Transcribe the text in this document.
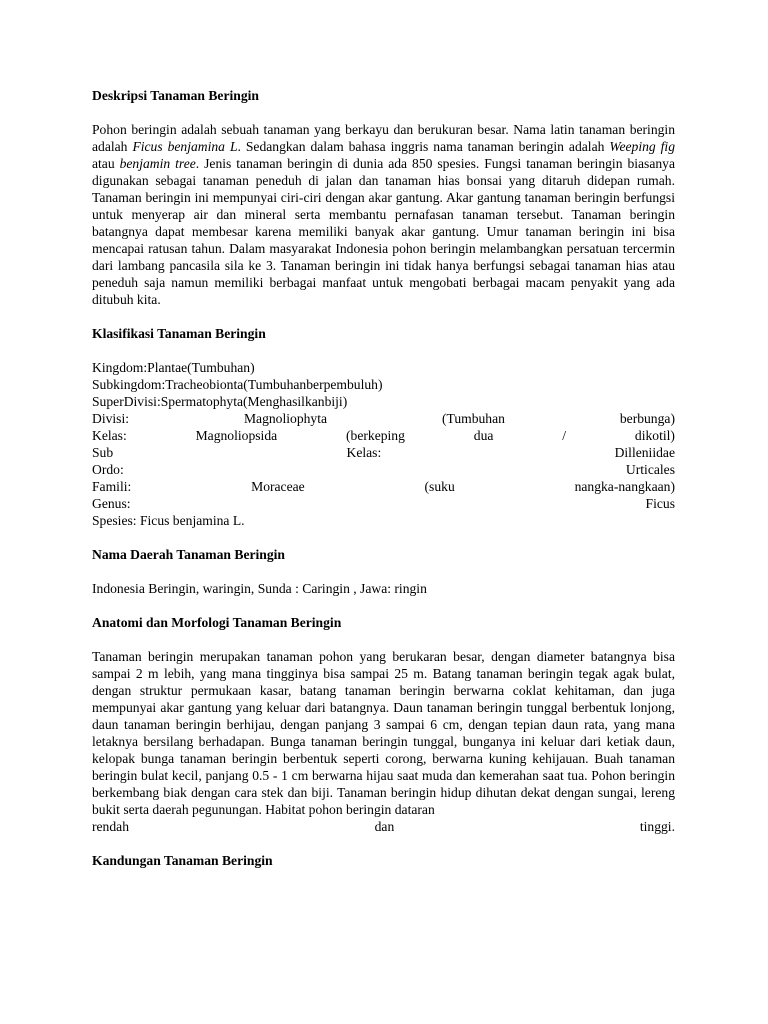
Deskripsi Tanaman Beringin
Pohon beringin adalah sebuah tanaman yang berkayu dan berukuran besar. Nama latin tanaman beringin adalah Ficus benjamina L. Sedangkan dalam bahasa inggris nama tanaman beringin adalah Weeping fig atau benjamin tree. Jenis tanaman beringin di dunia ada 850 spesies. Fungsi tanaman beringin biasanya digunakan sebagai tanaman peneduh di jalan dan tanaman hias bonsai yang ditaruh didepan rumah. Tanaman beringin ini mempunyai ciri-ciri dengan akar gantung. Akar gantung tanaman beringin berfungsi untuk menyerap air dan mineral serta membantu pernafasan tanaman tersebut. Tanaman beringin batangnya dapat membesar karena memiliki banyak akar gantung. Umur tanaman beringin ini bisa mencapai ratusan tahun. Dalam masyarakat Indonesia pohon beringin melambangkan persatuan tercermin dari lambang pancasila sila ke 3. Tanaman beringin ini tidak hanya berfungsi sebagai tanaman hias atau peneduh saja namun memiliki berbagai manfaat untuk mengobati berbagai macam penyakit yang ada ditubuh kita.
Klasifikasi Tanaman Beringin
Kingdom:Plantae(Tumbuhan)
Subkingdom:Tracheobionta(Tumbuhanberpembuluh)
SuperDivisi:Spermatophyta(Menghasilkanbiji)
Divisi:	Magnoliophyta	(Tumbuhan	berbunga)
Kelas:	Magnoliopsida	(berkeping	dua	/	dikotil)
Sub	Kelas:	Dilleniidae
Ordo:	Urticales
Famili:	Moraceae	(suku	nangka-nangkaan)
Genus:	Ficus
Spesies: Ficus benjamina L.
Nama Daerah Tanaman Beringin
Indonesia Beringin, waringin, Sunda : Caringin , Jawa: ringin
Anatomi dan Morfologi Tanaman Beringin
Tanaman beringin merupakan tanaman pohon yang berukaran besar, dengan diameter batangnya bisa sampai 2 m lebih, yang mana tingginya bisa sampai 25 m. Batang tanaman beringin tegak agak bulat, dengan struktur permukaan kasar, batang tanaman beringin berwarna coklat kehitaman, dan juga mempunyai akar gantung yang keluar dari batangnya. Daun tanaman beringin tunggal berbentuk lonjong, daun tanaman beringin berhijau, dengan panjang 3 sampai 6 cm, dengan tepian daun rata, yang mana letaknya bersilang berhadapan. Bunga tanaman beringin tunggal, bunganya ini keluar dari ketiak daun, kelopak bunga tanaman beringin berbentuk seperti corong, berwarna kuning kehijauan. Buah tanaman beringin bulat kecil, panjang 0.5 - 1 cm berwarna hijau saat muda dan kemerahan saat tua. Pohon beringin berkembang biak dengan cara stek dan biji. Tanaman beringin hidup dihutan dekat dengan sungai, lereng bukit serta daerah pegunungan. Habitat pohon beringin dataran
rendah	dan	tinggi.
Kandungan Tanaman Beringin
